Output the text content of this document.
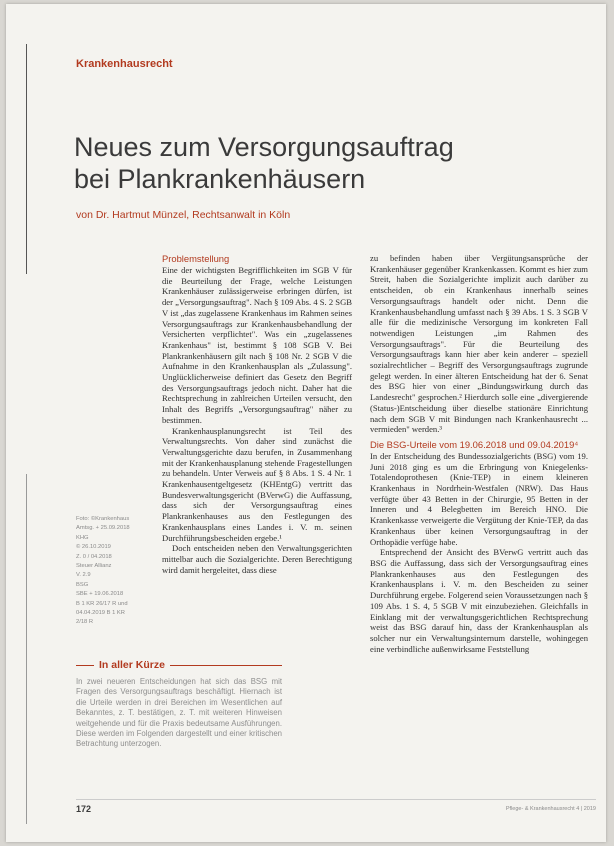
Krankenhausrecht
Neues zum Versorgungsauftrag
bei Plankrankenhäusern
von Dr. Hartmut Münzel, Rechtsanwalt in Köln
Problemstellung

Eine der wichtigsten Begrifflichkeiten im SGB V für die Beurteilung der Frage, welche Leistungen Krankenhäuser zulässigerweise erbringen dürfen, ist der „Versorgungsauftrag". Nach § 109 Abs. 4 S. 2 SGB V ist „das zugelassene Krankenhaus im Rahmen seines Versorgungsauftrags zur Krankenhausbehandlung der Versicherten verpflichtet". Was ein „zugelassenes Krankenhaus" ist, bestimmt § 108 SGB V. Bei Plankrankenhäusern gilt nach § 108 Nr. 2 SGB V die Aufnahme in den Krankenhausplan als „Zulassung". Unglücklicherweise definiert das Gesetz den Begriff des Versorgungsauftrags jedoch nicht. Daher hat die Rechtsprechung in zahlreichen Urteilen versucht, den Inhalt des Begriffs „Versorgungsauftrag" näher zu bestimmen.

Krankenhausplanungsrecht ist Teil des Verwaltungsrechts. Von daher sind zunächst die Verwaltungsgerichte dazu berufen, in Zusammenhang mit der Krankenhausplanung stehende Fragestellungen zu behandeln. Unter Verweis auf § 8 Abs. 1 S. 4 Nr. 1 Krankenhausentgeltgesetz (KHEntgG) vertritt das Bundesverwaltungsgericht (BVerwG) die Auffassung, dass sich der Versorgungsauftrag eines Plankrankenhauses aus den Festlegungen des Krankenhausplans eines Landes i. V. m. seinen Durchführungsbescheiden ergebe.¹

Doch entscheiden neben den Verwaltungsgerichten mittelbar auch die Sozialgerichte. Deren Berechtigung wird damit hergeleitet, dass diese

zu befinden haben über Vergütungsansprüche der Krankenhäuser gegenüber Krankenkassen. Kommt es hier zum Streit, haben die Sozialgerichte implizit auch darüber zu entscheiden, ob ein Krankenhaus innerhalb seines Versorgungsauftrags handelt oder nicht. Denn die Krankenhausbehandlung umfasst nach § 39 Abs. 1 S. 3 SGB V alle für die medizinische Versorgung im konkreten Fall notwendigen Leistungen „im Rahmen des Versorgungsauftrags". Für die Beurteilung des Versorgungsauftrags kann hier aber kein anderer – speziell sozialrechtlicher – Begriff des Versorgungsauftrags zugrunde gelegt werden. In einer älteren Entscheidung hat der 6. Senat des BSG hier von einer „Bindungswirkung durch das Landesrecht" gesprochen.² Hierdurch solle eine „divergierende (Status-)Entscheidung über dieselbe stationäre Einrichtung nach dem SGB V mit Bindungen nach Krankenhausrecht ... vermieden" werden.³

Die BSG-Urteile vom 19.06.2018 und 09.04.2019⁴

In der Entscheidung des Bundessozialgerichts (BSG) vom 19. Juni 2018 ging es um die Erbringung von Kniegelenks-Totalendoprothesen (Knie-TEP) in einem kleineren Krankenhaus in Nordrhein-Westfalen (NRW). Das Haus verfügte über 43 Betten in der Chirurgie, 95 Betten in der Inneren und 4 Belegbetten im Bereich HNO. Die Krankenkasse verweigerte die Vergütung der Knie-TEP, da das Krankenhaus über keinen Versorgungsauftrag in der Orthopädie verfüge habe.

Entsprechend der Ansicht des BVerwG vertritt auch das BSG die Auffassung, dass sich der Versorgungsauftrag eines Plankrankenhauses aus den Festlegungen des Krankenhausplans i. V. m. den Bescheiden zu seiner Durchführung ergebe. Folgerend seien Voraussetzungen nach § 109 Abs. 1 S. 4, 5 SGB V mit einzubeziehen. Gleichfalls in Einklang mit der verwaltungsgerichtlichen Rechtsprechung weist das BSG darauf hin, dass der Krankenhausplan als solcher nur ein Verwaltungsinternum darstelle, wohingegen eine verbindliche außenwirksame Feststellung

Foto: ©Krankenhaus
Amtsg. + 25.09.2018
KHG
© 26.10.2019
Z. 0 / 04.2018
Steuer Allianz
V. 2.9
BSG
SBE + 19.06.2018
B 1 KR 26/17 R und
04.04.2019 B 1 KR
2/18 R
In aller Kürze
In zwei neueren Entscheidungen hat sich das BSG mit Fragen des Versorgungsauftrags beschäftigt. Hiernach ist die Urteile werden in drei Bereichen im Wesentlichen auf Bekanntes, z. T. bestätigen, z. T. mit weiteren Hinweisen weitgehende und für die Praxis bedeutsame Ausführungen. Diese werden im Folgenden dargestellt und einer kritischen Betrachtung unterzogen.
172	Pflege- & Krankenhausrecht 4 | 2019
